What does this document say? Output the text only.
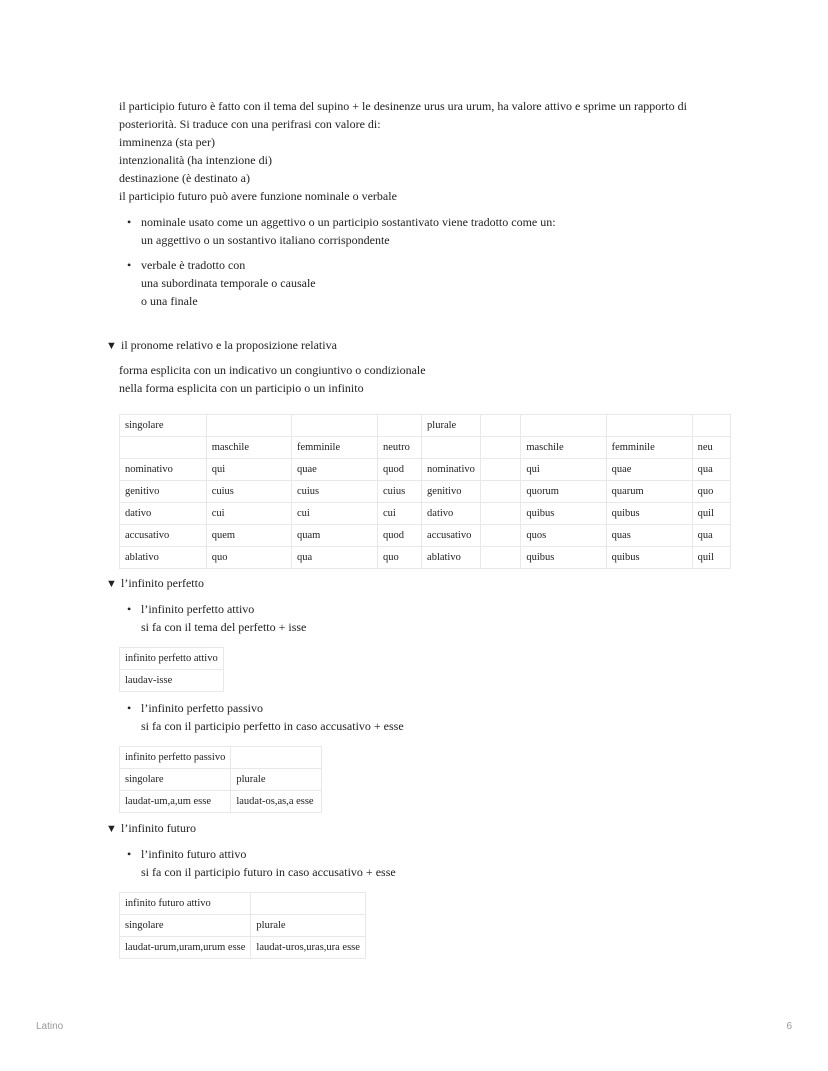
il participio futuro è fatto con il tema del supino + le desinenze urus ura urum, ha valore attivo e sprime un rapporto di
posteriorità. Si traduce con una perifrasi con valore di:
imminenza (sta per)
intenzionalità (ha intenzione di)
destinazione (è destinato a)
il participio futuro può avere funzione nominale o verbale
• nominale usato come un aggettivo o un participio sostantivato viene tradotto come un:
un aggettivo o un sostantivo italiano corrispondente
• verbale è tradotto con
una subordinata temporale o causale
o una finale
▼ il pronome relativo e la proposizione relativa
forma esplicita con un indicativo un congiuntivo o condizionale
nella forma esplicita con un participio o un infinito
singolare				plurale				
	maschile	femminile	neutro			maschile	femminile	neu
nominativo	qui	quae	quod	nominativo		qui	quae	qua
genitivo	cuius	cuius	cuius	genitivo		quorum	quarum	quo
dativo	cui	cui	cui	dativo		quibus	quibus	quil
accusativo	quem	quam	quod	accusativo		quos	quas	qua
ablativo	quo	qua	quo	ablativo		quibus	quibus	quil
▼ l’infinito perfetto
• l’infinito perfetto attivo
si fa con il tema del perfetto + isse
infinito perfetto attivo
laudav-isse
• l’infinito perfetto passivo
si fa con il participio perfetto in caso accusativo + esse
infinito perfetto passivo	
singolare	plurale
laudat-um,a,um esse	laudat-os,as,a esse
▼ l’infinito futuro
• l’infinito futuro attivo
si fa con il participio futuro in caso accusativo + esse
infinito futuro attivo	
singolare	plurale
laudat-urum,uram,urum esse	laudat-uros,uras,ura esse
Latino	6
